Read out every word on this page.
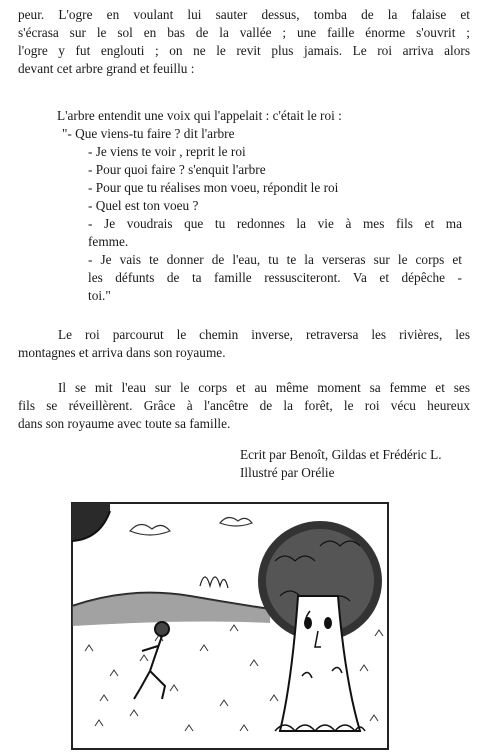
peur. L'ogre en voulant lui sauter dessus, tomba de la falaise et
s'écrasa sur le sol en bas de la vallée ; une faille énorme s'ouvrit ;
l'ogre y fut englouti ; on ne le revit plus jamais. Le roi arriva alors
devant cet arbre grand et feuillu :

L'arbre entendit une voix qui l'appelait : c'était le roi :
"- Que viens-tu faire ? dit l'arbre
- Je viens te voir , reprit le roi
- Pour quoi faire ? s'enquit l'arbre
- Pour que tu réalises mon voeu, répondit le roi
- Quel est ton voeu ?
- Je voudrais que tu redonnes la vie à mes fils et ma
femme.
- Je vais te donner de l'eau, tu te la verseras sur le corps et
les défunts de ta famille ressusciteront. Va et dépêche -
toi."

Le roi parcourut le chemin inverse, retraversa les rivières, les
montagnes et arriva dans son royaume.

Il se mit l'eau sur le corps et au même moment sa femme et ses
fils se réveillèrent. Grâce à l'ancêtre de la forêt, le roi vécu heureux
dans son royaume avec toute sa famille.

Ecrit par Benoît, Gildas et Frédéric L.
Illustré par Orélie
